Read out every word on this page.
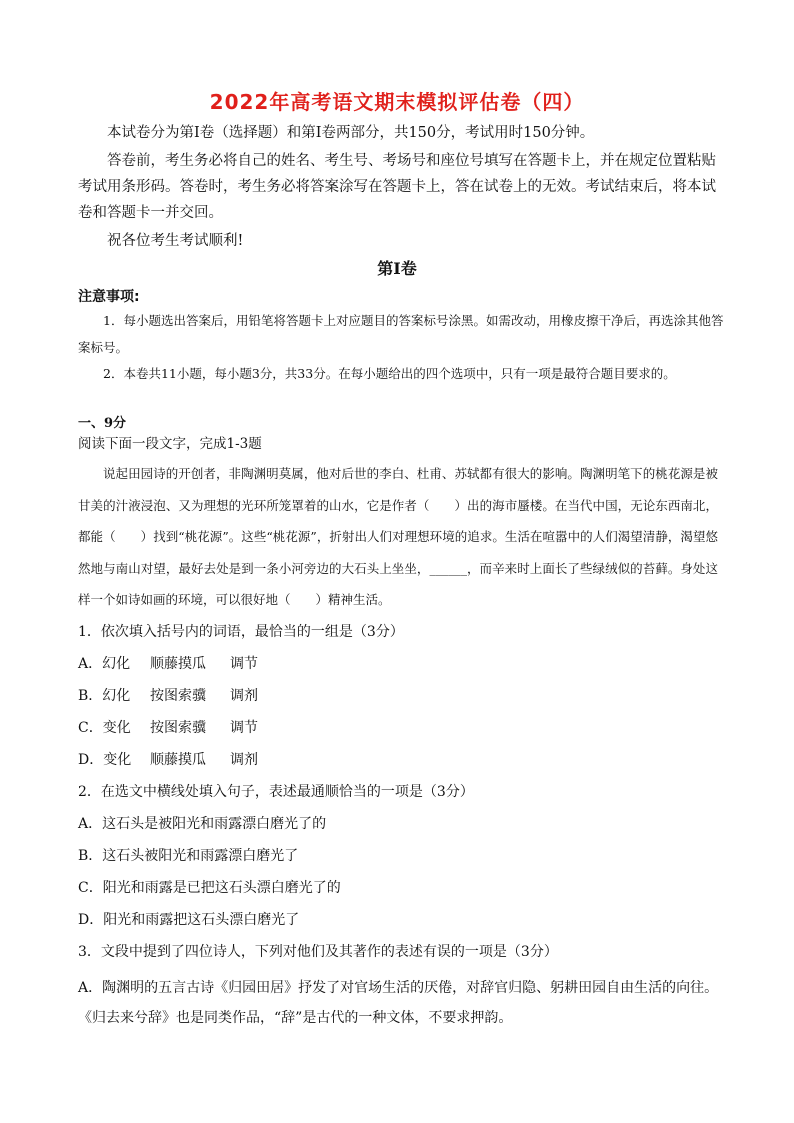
2022年高考语文期末模拟评估卷（四）

本试卷分为第I卷（选择题）和第I卷两部分，共150分，考试用时150分钟。

答卷前，考生务必将自己的姓名、考生号、考场号和座位号填写在答题卡上，并在规定位置粘贴考试用条形码。答卷时，考生务必将答案涂写在答题卡上，答在试卷上的无效。考试结束后，将本试卷和答题卡一并交回。

祝各位考生考试顺利!

第I卷
注意事项:

1．每小题选出答案后，用铅笔将答题卡上对应题目的答案标号涂黑。如需改动，用橡皮擦干净后，再选涂其他答案标号。

2．本卷共11小题，每小题3分，共33分。在每小题给出的四个选项中，只有一项是最符合题目要求的。

一、9分
阅读下面一段文字，完成1-3题

说起田园诗的开创者，非陶渊明莫属，他对后世的李白、杜甫、苏轼都有很大的影响。陶渊明笔下的桃花源是被甘美的汁液浸泡、又为理想的光环所笼罩着的山水，它是作者（　　）出的海市蜃楼。在当代中国，无论东西南北，都能（　　）找到“桃花源”。这些“桃花源”，折射出人们对理想环境的追求。生活在喧嚣中的人们渴望清静，渴望悠然地与南山对望，最好去处是到一条小河旁边的大石头上坐坐，______，而辛来时上面长了些绿绒似的苔藓。身处这样一个如诗如画的环境，可以很好地（　　）精神生活。

1．依次填入括号内的词语，最恰当的一组是（3分）
A．幻化 顺藤摸瓜 调节
B．幻化 按图索骥 调剂
C．变化 按图索骥 调节
D．变化 顺藤摸瓜 调剂
2．在选文中横线处填入句子，表述最通顺恰当的一项是（3分）
A．这石头是被阳光和雨露漂白磨光了的
B．这石头被阳光和雨露漂白磨光了
C．阳光和雨露是已把这石头漂白磨光了的
D．阳光和雨露把这石头漂白磨光了
3．文段中提到了四位诗人，下列对他们及其著作的表述有误的一项是（3分）
A．陶渊明的五言古诗《归园田居》抒发了对官场生活的厌倦，对辞官归隐、躬耕田园自由生活的向往。《归去来兮辞》也是同类作品，“辞”是古代的一种文体，不要求押韵。
